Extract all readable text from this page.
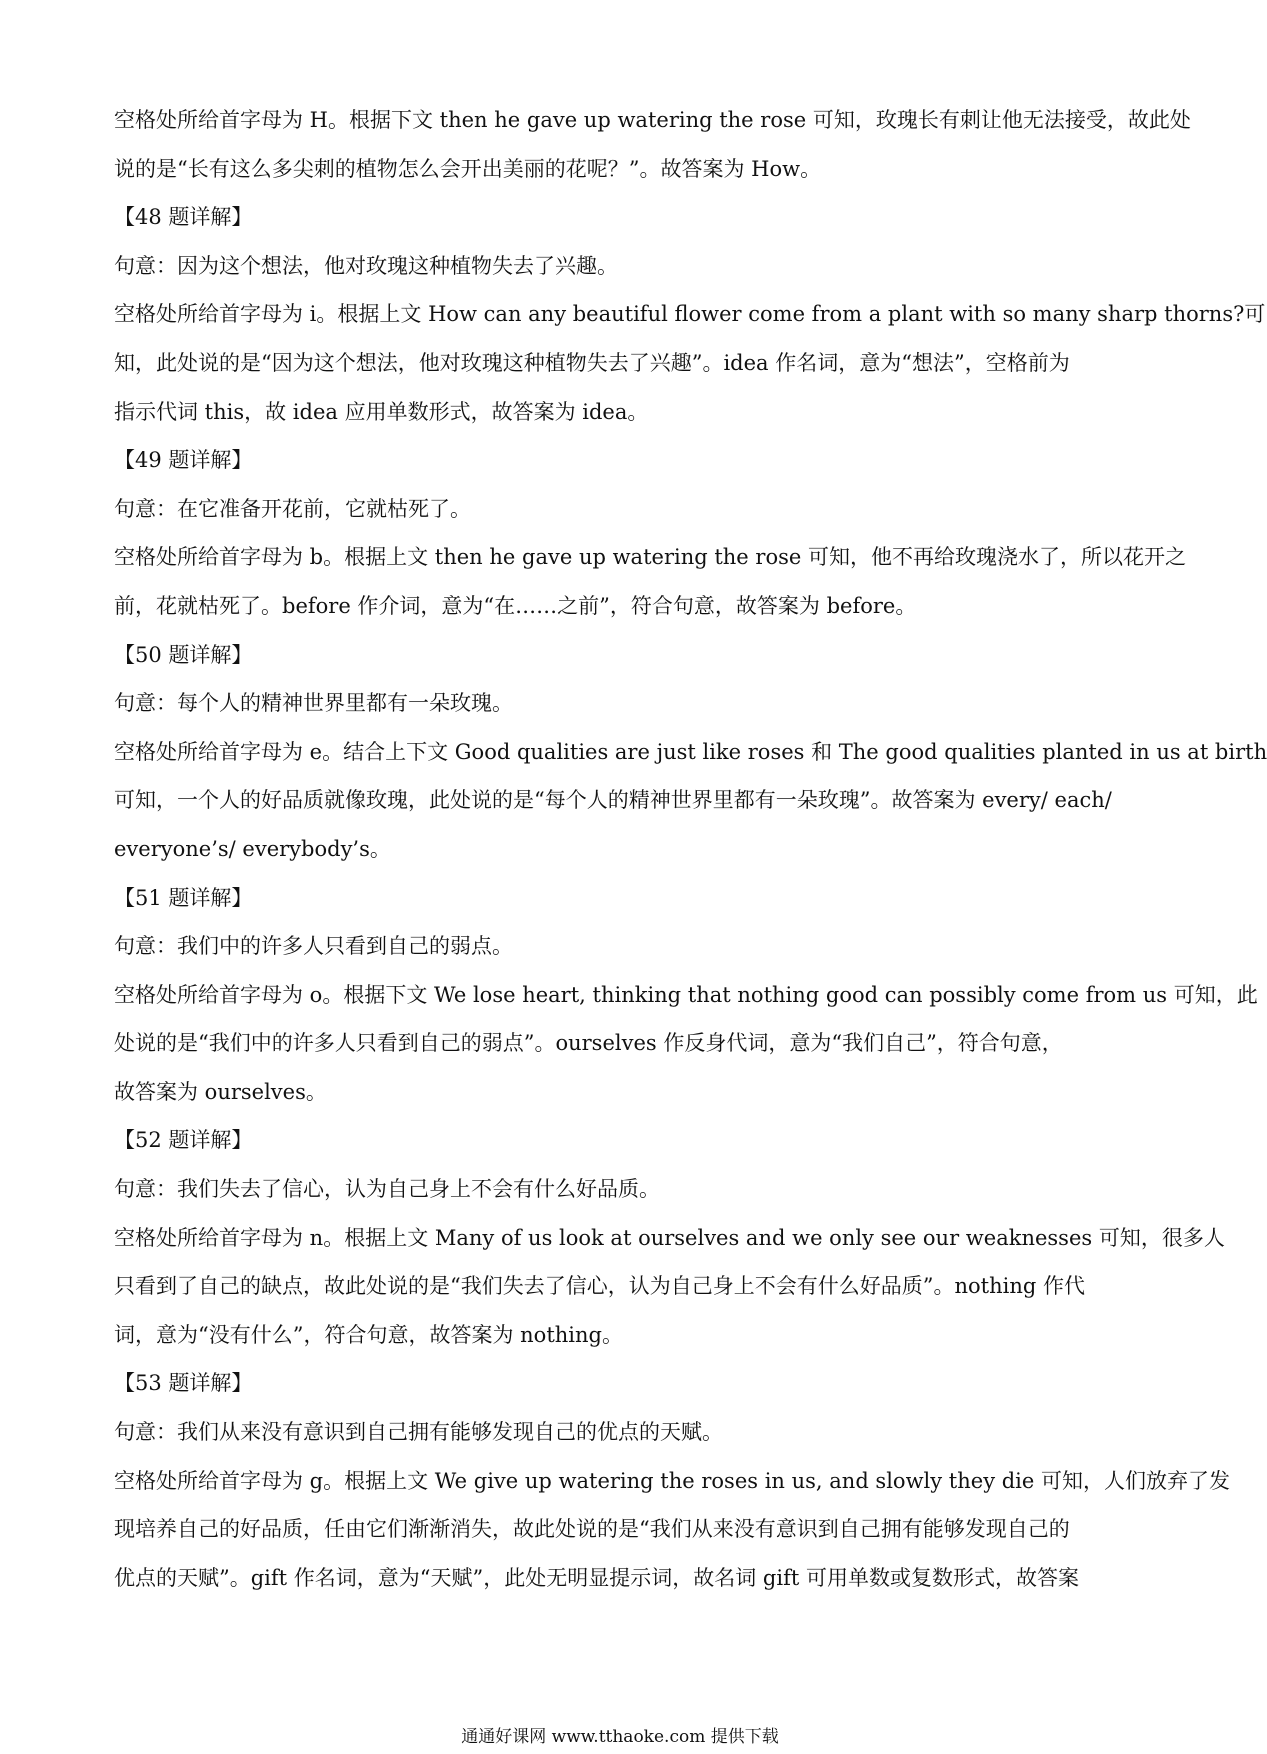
空格处所给首字母为 H。根据下文 then he gave up watering the rose 可知，玫瑰长有刺让他无法接受，故此处
说的是“长有这么多尖刺的植物怎么会开出美丽的花呢？”。故答案为 How。
【48 题详解】
句意：因为这个想法，他对玫瑰这种植物失去了兴趣。
空格处所给首字母为 i。根据上文 How can any beautiful flower come from a plant with so many sharp thorns?可
知，此处说的是“因为这个想法，他对玫瑰这种植物失去了兴趣”。idea 作名词，意为“想法”，空格前为
指示代词 this，故 idea 应用单数形式，故答案为 idea。
【49 题详解】
句意：在它准备开花前，它就枯死了。
空格处所给首字母为 b。根据上文 then he gave up watering the rose 可知，他不再给玫瑰浇水了，所以花开之
前，花就枯死了。before 作介词，意为“在……之前”，符合句意，故答案为 before。
【50 题详解】
句意：每个人的精神世界里都有一朵玫瑰。
空格处所给首字母为 e。结合上下文 Good qualities are just like roses 和 The good qualities planted in us at birth
可知，一个人的好品质就像玫瑰，此处说的是“每个人的精神世界里都有一朵玫瑰”。故答案为 every/ each/
everyone’s/ everybody’s。
【51 题详解】
句意：我们中的许多人只看到自己的弱点。
空格处所给首字母为 o。根据下文 We lose heart, thinking that nothing good can possibly come from us 可知，此
处说的是“我们中的许多人只看到自己的弱点”。ourselves 作反身代词，意为“我们自己”，符合句意，
故答案为 ourselves。
【52 题详解】
句意：我们失去了信心，认为自己身上不会有什么好品质。
空格处所给首字母为 n。根据上文 Many of us look at ourselves and we only see our weaknesses 可知，很多人
只看到了自己的缺点，故此处说的是“我们失去了信心，认为自己身上不会有什么好品质”。nothing 作代
词，意为“没有什么”，符合句意，故答案为 nothing。
【53 题详解】
句意：我们从来没有意识到自己拥有能够发现自己的优点的天赋。
空格处所给首字母为 g。根据上文 We give up watering the roses in us, and slowly they die 可知，人们放弃了发
现培养自己的好品质，任由它们渐渐消失，故此处说的是“我们从来没有意识到自己拥有能够发现自己的
优点的天赋”。gift 作名词，意为“天赋”，此处无明显提示词，故名词 gift 可用单数或复数形式，故答案
通通好课网 www.tthaoke.com 提供下载
